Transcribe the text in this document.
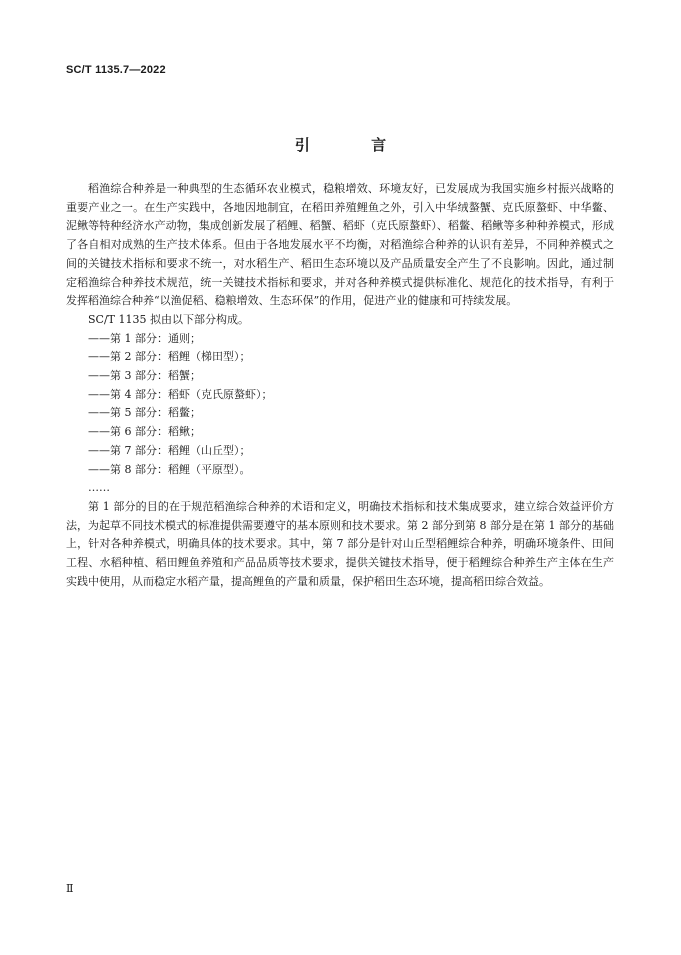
SC/T 1135.7—2022
引 言

稻渔综合种养是一种典型的生态循环农业模式，稳粮增效、环境友好，已发展成为我国实施乡村振兴战略的重要产业之一。在生产实践中，各地因地制宜，在稻田养殖鲤鱼之外，引入中华绒螯蟹、克氏原螯虾、中华鳖、泥鳅等特种经济水产动物，集成创新发展了稻鲤、稻蟹、稻虾（克氏原螯虾）、稻鳖、稻鳅等多种种养模式，形成了各自相对成熟的生产技术体系。但由于各地发展水平不均衡，对稻渔综合种养的认识有差异，不同种养模式之间的关键技术指标和要求不统一，对水稻生产、稻田生态环境以及产品质量安全产生了不良影响。因此，通过制定稻渔综合种养技术规范，统一关键技术指标和要求，并对各种养模式提供标准化、规范化的技术指导，有利于发挥稻渔综合种养“以渔促稻、稳粮增效、生态环保”的作用，促进产业的健康和可持续发展。

SC/T 1135 拟由以下部分构成。

——第 1 部分：通则；
——第 2 部分：稻鲤（梯田型）；
——第 3 部分：稻蟹；
——第 4 部分：稻虾（克氏原螯虾）；
——第 5 部分：稻鳖；
——第 6 部分：稻鳅；
——第 7 部分：稻鲤（山丘型）；
——第 8 部分：稻鲤（平原型）。

……

第 1 部分的目的在于规范稻渔综合种养的术语和定义，明确技术指标和技术集成要求，建立综合效益评价方法，为起草不同技术模式的标准提供需要遵守的基本原则和技术要求。第 2 部分到第 8 部分是在第 1 部分的基础上，针对各种养模式，明确具体的技术要求。其中，第 7 部分是针对山丘型稻鲤综合种养，明确环境条件、田间工程、水稻种植、稻田鲤鱼养殖和产品品质等技术要求，提供关键技术指导，便于稻鲤综合种养生产主体在生产实践中使用，从而稳定水稻产量，提高鲤鱼的产量和质量，保护稻田生态环境，提高稻田综合效益。

Ⅱ
